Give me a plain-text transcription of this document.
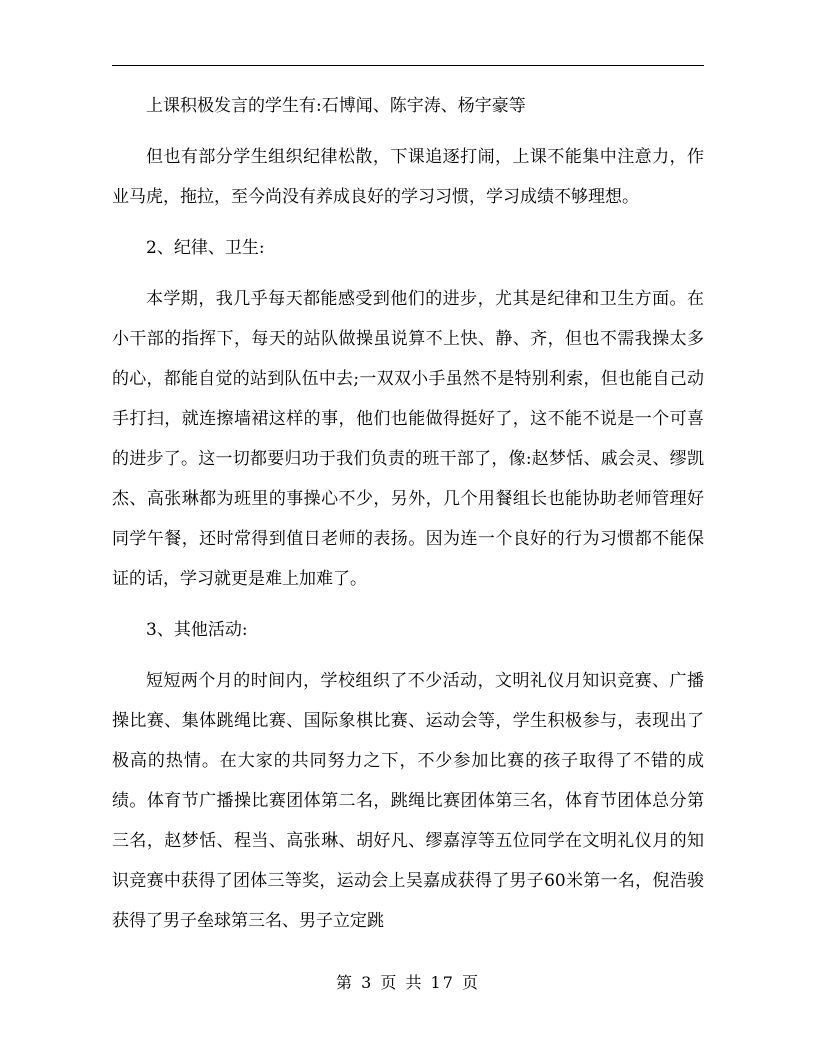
上课积极发言的学生有:石博闻、陈宇涛、杨宇豪等

但也有部分学生组织纪律松散，下课追逐打闹，上课不能集中注意力，作业马虎，拖拉，至今尚没有养成良好的学习习惯，学习成绩不够理想。

2、纪律、卫生:

本学期，我几乎每天都能感受到他们的进步，尤其是纪律和卫生方面。在小干部的指挥下，每天的站队做操虽说算不上快、静、齐，但也不需我操太多的心，都能自觉的站到队伍中去;一双双小手虽然不是特别利索，但也能自己动手打扫，就连擦墙裙这样的事，他们也能做得挺好了，这不能不说是一个可喜的进步了。这一切都要归功于我们负责的班干部了，像:赵梦恬、戚会灵、缪凯杰、高张琳都为班里的事操心不少，另外，几个用餐组长也能协助老师管理好同学午餐，还时常得到值日老师的表扬。因为连一个良好的行为习惯都不能保证的话，学习就更是难上加难了。

3、其他活动:

短短两个月的时间内，学校组织了不少活动，文明礼仪月知识竞赛、广播操比赛、集体跳绳比赛、国际象棋比赛、运动会等，学生积极参与，表现出了极高的热情。在大家的共同努力之下，不少参加比赛的孩子取得了不错的成绩。体育节广播操比赛团体第二名，跳绳比赛团体第三名，体育节团体总分第三名，赵梦恬、程当、高张琳、胡好凡、缪嘉淳等五位同学在文明礼仪月的知识竞赛中获得了团体三等奖，运动会上吴嘉成获得了男子60米第一名，倪浩骏获得了男子垒球第三名、男子立定跳

第 3 页 共 17 页
